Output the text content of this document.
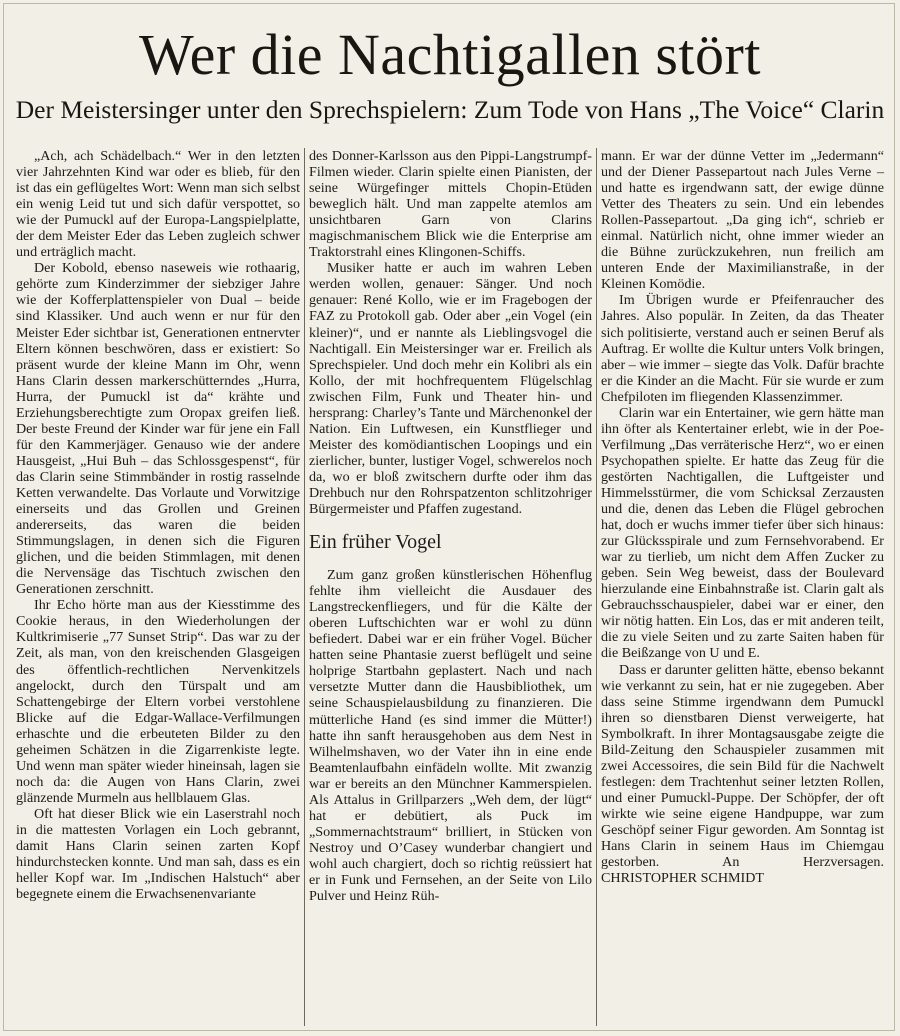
Wer die Nachtigallen stört
Der Meistersinger unter den Sprechspielern: Zum Tode von Hans „The Voice“ Clarin

„Ach, ach Schädelbach.“ Wer in den letzten vier Jahrzehnten Kind war oder es blieb, für den ist das ein geflügeltes Wort: Wenn man sich selbst ein wenig Leid tut und sich dafür verspottet, so wie der Pumuckl auf der Europa-Langspielplatte, der dem Meister Eder das Leben zugleich schwer und erträglich macht.

Der Kobold, ebenso naseweis wie rothaarig, gehörte zum Kinderzimmer der siebziger Jahre wie der Kofferplattenspieler von Dual – beide sind Klassiker. Und auch wenn er nur für den Meister Eder sichtbar ist, Generationen entnervter Eltern können beschwören, dass er existiert: So präsent wurde der kleine Mann im Ohr, wenn Hans Clarin dessen markerschütterndes „Hurra, Hurra, der Pumuckl ist da“ krähte und Erziehungsberechtigte zum Oropax greifen ließ. Der beste Freund der Kinder war für jene ein Fall für den Kammerjäger. Genauso wie der andere Hausgeist, „Hui Buh – das Schlossgespenst“, für das Clarin seine Stimmbänder in rostig rasselnde Ketten verwandelte. Das Vorlaute und Vorwitzige einerseits und das Grollen und Greinen andererseits, das waren die beiden Stimmungslagen, in denen sich die Figuren glichen, und die beiden Stimmlagen, mit denen die Nervensäge das Tischtuch zwischen den Generationen zerschnitt.

Ihr Echo hörte man aus der Kiesstimme des Cookie heraus, in den Wiederholungen der Kultkrimiserie „77 Sunset Strip“. Das war zu der Zeit, als man, von den kreischenden Glasgeigen des öffentlich-rechtlichen Nervenkitzels angelockt, durch den Türspalt und am Schattengebirge der Eltern vorbei verstohlene Blicke auf die Edgar-Wallace-Verfilmungen erhaschte und die erbeuteten Bilder zu den geheimen Schätzen in die Zigarrenkiste legte. Und wenn man später wieder hineinsah, lagen sie noch da: die Augen von Hans Clarin, zwei glänzende Murmeln aus hellblauem Glas.

Oft hat dieser Blick wie ein Laserstrahl noch in die mattesten Vorlagen ein Loch gebrannt, damit Hans Clarin seinen zarten Kopf hindurchstecken konnte. Und man sah, dass es ein heller Kopf war. Im „Indischen Halstuch“ aber begegnete einem die Erwachsenenvariante

des Donner-Karlsson aus den Pippi-Langstrumpf-Filmen wieder. Clarin spielte einen Pianisten, der seine Würgefinger mittels Chopin-Etüden beweglich hält. Und man zappelte atemlos am unsichtbaren Garn von Clarins magischmanischem Blick wie die Enterprise am Traktorstrahl eines Klingonen-Schiffs.

Musiker hatte er auch im wahren Leben werden wollen, genauer: Sänger. Und noch genauer: René Kollo, wie er im Fragebogen der FAZ zu Protokoll gab. Oder aber „ein Vogel (ein kleiner)“, und er nannte als Lieblingsvogel die Nachtigall. Ein Meistersinger war er. Freilich als Sprechspieler. Und doch mehr ein Kolibri als ein Kollo, der mit hochfrequentem Flügelschlag zwischen Film, Funk und Theater hin- und hersprang: Charley’s Tante und Märchenonkel der Nation. Ein Luftwesen, ein Kunstflieger und Meister des komödiantischen Loopings und ein zierlicher, bunter, lustiger Vogel, schwerelos noch da, wo er bloß zwitschern durfte oder ihm das Drehbuch nur den Rohrspatzenton schlitzohriger Bürgermeister und Pfaffen zugestand.

Ein früher Vogel

Zum ganz großen künstlerischen Höhenflug fehlte ihm vielleicht die Ausdauer des Langstreckenfliegers, und für die Kälte der oberen Luftschichten war er wohl zu dünn befiedert. Dabei war er ein früher Vogel. Bücher hatten seine Phantasie zuerst beflügelt und seine holprige Startbahn geplastert. Nach und nach versetzte Mutter dann die Hausbibliothek, um seine Schauspielausbildung zu finanzieren. Die mütterliche Hand (es sind immer die Mütter!) hatte ihn sanft herausgehoben aus dem Nest in Wilhelmshaven, wo der Vater ihn in eine ende Beamtenlaufbahn einfädeln wollte. Mit zwanzig war er bereits an den Münchner Kammerspielen. Als Attalus in Grillparzers „Weh dem, der lügt“ hat er debütiert, als Puck im „Sommernachtstraum“ brilliert, in Stücken von Nestroy und O’Casey wunderbar changiert und wohl auch chargiert, doch so richtig reüssiert hat er in Funk und Fernsehen, an der Seite von Lilo Pulver und Heinz Rüh-

mann. Er war der dünne Vetter im „Jedermann“ und der Diener Passepartout nach Jules Verne – und hatte es irgendwann satt, der ewige dünne Vetter des Theaters zu sein. Und ein lebendes Rollen-Passepartout. „Da ging ich“, schrieb er einmal. Natürlich nicht, ohne immer wieder an die Bühne zurückzukehren, nun freilich am unteren Ende der Maximilianstraße, in der Kleinen Komödie.

Im Übrigen wurde er Pfeifenraucher des Jahres. Also populär. In Zeiten, da das Theater sich politisierte, verstand auch er seinen Beruf als Auftrag. Er wollte die Kultur unters Volk bringen, aber – wie immer – siegte das Volk. Dafür brachte er die Kinder an die Macht. Für sie wurde er zum Chefpiloten im fliegenden Klassenzimmer.

Clarin war ein Entertainer, wie gern hätte man ihn öfter als Kentertainer erlebt, wie in der Poe-Verfilmung „Das verräterische Herz“, wo er einen Psychopathen spielte. Er hatte das Zeug für die gestörten Nachtigallen, die Luftgeister und Himmelsstürmer, die vom Schicksal Zerzausten und die, denen das Leben die Flügel gebrochen hat, doch er wuchs immer tiefer über sich hinaus: zur Glücksspirale und zum Fernsehvorabend. Er war zu tierlieb, um nicht dem Affen Zucker zu geben. Sein Weg beweist, dass der Boulevard hierzulande eine Einbahnstraße ist. Clarin galt als Gebrauchsschauspieler, dabei war er einer, den wir nötig hatten. Ein Los, das er mit anderen teilt, die zu viele Seiten und zu zarte Saiten haben für die Beißzange von U und E.

Dass er darunter gelitten hätte, ebenso bekannt wie verkannt zu sein, hat er nie zugegeben. Aber dass seine Stimme irgendwann dem Pumuckl ihren so dienstbaren Dienst verweigerte, hat Symbolkraft. In ihrer Montagsausgabe zeigte die Bild-Zeitung den Schauspieler zusammen mit zwei Accessoires, die sein Bild für die Nachwelt festlegen: dem Trachtenhut seiner letzten Rollen, und einer Pumuckl-Puppe. Der Schöpfer, der oft wirkte wie seine eigene Handpuppe, war zum Geschöpf seiner Figur geworden. Am Sonntag ist Hans Clarin in seinem Haus im Chiemgau gestorben. An Herzversagen. CHRISTOPHER SCHMIDT
